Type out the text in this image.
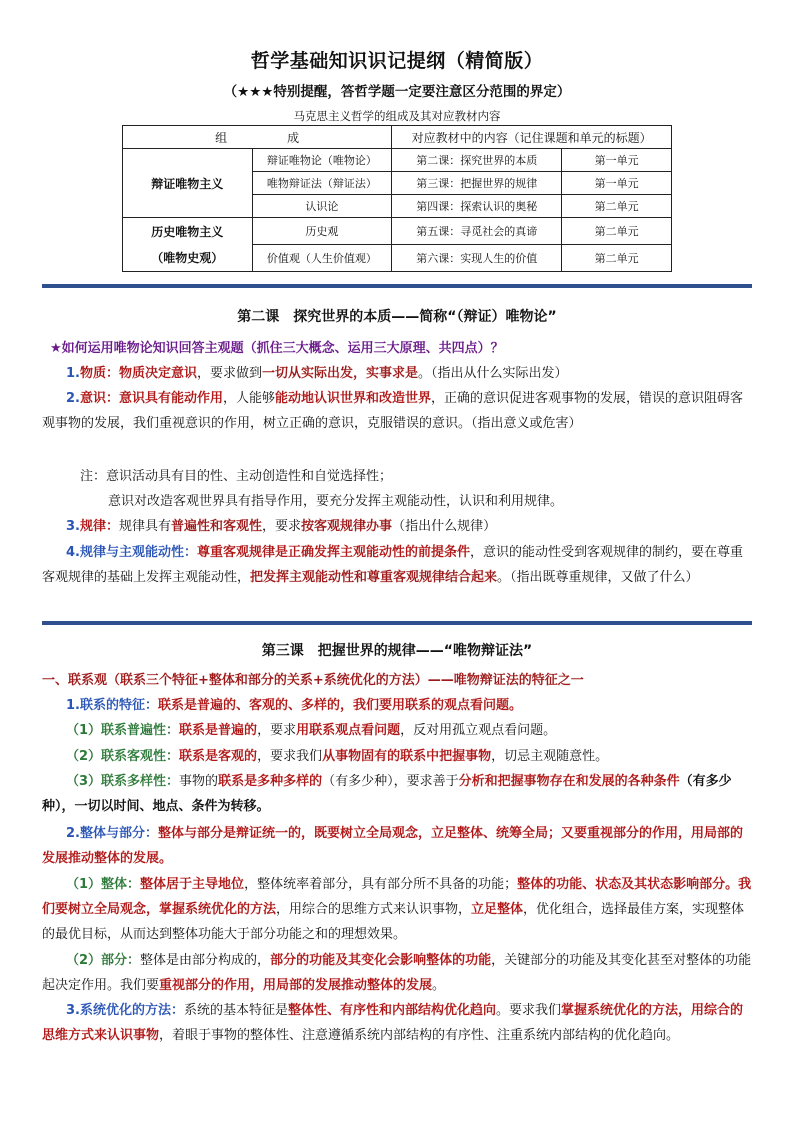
哲学基础知识识记提纲（精简版）
（★★★特别提醒，答哲学题一定要注意区分范围的界定）
马克思主义哲学的组成及其对应教材内容
组　　　　　成		对应教材中的内容（记住课题和单元的标题）	
辩证唯物主义	辩证唯物论（唯物论）	第二课：探究世界的本质	第一单元
	唯物辩证法（辩证法）	第三课：把握世界的规律	第一单元
	认识论	第四课：探索认识的奥秘	第二单元

历史唯物主义
（唯物史观）	历史观	第五课：寻觅社会的真谛	第二单元
	价值观（人生价值观）	第六课：实现人生的价值	第二单元
第二课　探究世界的本质——简称“（辩证）唯物论”
★如何运用唯物论知识回答主观题（抓住三大概念、运用三大原理、共四点）？
1.物质：物质决定意识，要求做到一切从实际出发，实事求是。（指出从什么实际出发）
2.意识：意识具有能动作用，人能够能动地认识世界和改造世界，正确的意识促进客观事物的发展，错误的意识阻碍客观事物的发展，我们重视意识的作用，树立正确的意识，克服错误的意识。（指出意义或危害）
注：意识活动具有目的性、主动创造性和自觉选择性；
意识对改造客观世界具有指导作用，要充分发挥主观能动性，认识和利用规律。
3.规律：规律具有普遍性和客观性，要求按客观规律办事（指出什么规律）
4.规律与主观能动性：尊重客观规律是正确发挥主观能动性的前提条件，意识的能动性受到客观规律的制约，要在尊重客观规律的基础上发挥主观能动性，把发挥主观能动性和尊重客观规律结合起来。（指出既尊重规律，又做了什么）
第三课　把握世界的规律——“唯物辩证法”
一、联系观（联系三个特征+整体和部分的关系+系统优化的方法）——唯物辩证法的特征之一
1.联系的特征：联系是普遍的、客观的、多样的，我们要用联系的观点看问题。
（1）联系普遍性：联系是普遍的，要求用联系观点看问题，反对用孤立观点看问题。
（2）联系客观性：联系是客观的，要求我们从事物固有的联系中把握事物，切忌主观随意性。
（3）联系多样性：事物的联系是多种多样的（有多少种），要求善于分析和把握事物存在和发展的各种条件（有多少种），一切以时间、地点、条件为转移。
2.整体与部分：整体与部分是辩证统一的，既要树立全局观念，立足整体、统筹全局；又要重视部分的作用，用局部的发展推动整体的发展。
（1）整体：整体居于主导地位，整体统率着部分，具有部分所不具备的功能；整体的功能、状态及其状态影响部分。我们要树立全局观念，掌握系统优化的方法，用综合的思维方式来认识事物，立足整体，优化组合，选择最佳方案，实现整体的最优目标，从而达到整体功能大于部分功能之和的理想效果。
（2）部分：整体是由部分构成的，部分的功能及其变化会影响整体的功能，关键部分的功能及其变化甚至对整体的功能起决定作用。我们要重视部分的作用，用局部的发展推动整体的发展。
3.系统优化的方法：系统的基本特征是整体性、有序性和内部结构优化趋向。要求我们掌握系统优化的方法，用综合的思维方式来认识事物，着眼于事物的整体性、注意遵循系统内部结构的有序性、注重系统内部结构的优化趋向。
